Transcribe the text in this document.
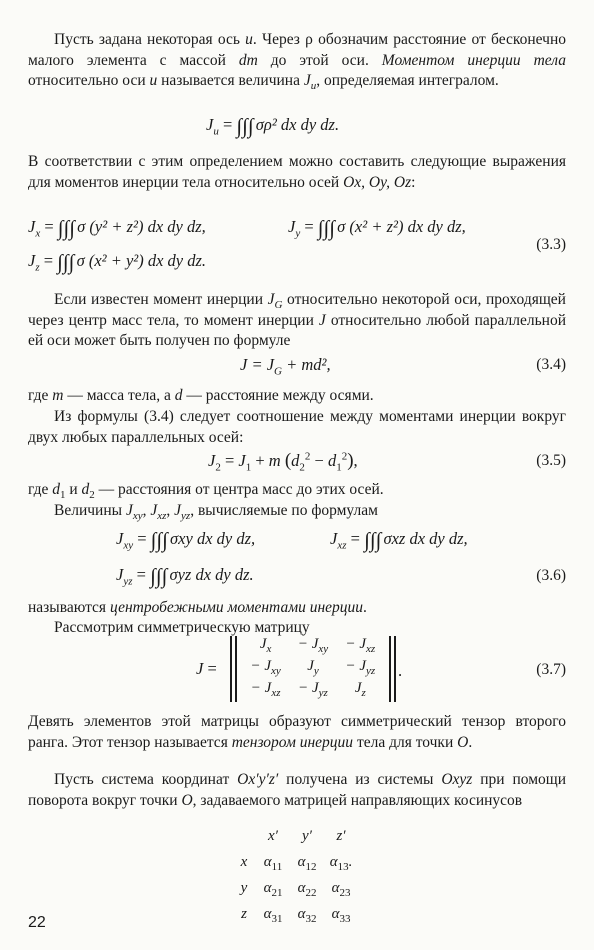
Пусть задана некоторая ось u. Через ρ обозначим расстояние от бесконечно малого элемента с массой dm до этой оси. Моментом инерции тела относительно оси u называется величина $J_u$, определяемая интегралом.

$J_u$ = ∫∫∫ σρ² dx dy dz.

В соответствии с этим определением можно составить следующие выражения для моментов инерции тела относительно осей Ox, Oy, Oz:

$J_x$ = ∫∫∫ σ (y² + z²) dx dy dz,	$J_y$ = ∫∫∫ σ (x² + z²) dx dy dz,
$J_z$ = ∫∫∫ σ (x² + y²) dx dy dz.
(3.3)

Если известен момент инерции $J_G$ относительно некоторой оси, проходящей через центр масс тела, то момент инерции J относительно любой параллельной ей оси может быть получен по формуле

$J = J_G + md^2$,	(3.4)

где m — масса тела, а d — расстояние между осями.

Из формулы (3.4) следует соотношение между моментами инерции вокруг двух любых параллельных осей:

$J_2 = J_1 + m$ $(d_2^2 - d_1^2)$,	(3.5)

где $d_1$ и $d_2$ — расстояния от центра масс до этих осей.

Величины $J_{xy}$, $J_{xz}$, $J_{yz}$, вычисляемые по формулам

$J_{xy}$ = ∫∫∫ σxy dx dy dz,	$J_{xz}$ = ∫∫∫ σxz dx dy dz,
$J_{yz}$ = ∫∫∫ σyz dx dy dz.	(3.6)

называются центробежными моментами инерции.

Рассмотрим симметрическую матрицу

J =
$J_x$	− $J_{xy}$	− $J_{xz}$
− $J_{xy}$	$J_y$	− $J_{yz}$
− $J_{xz}$	− $J_{yz}$	$J_z$
.	(3.7)

Девять элементов этой матрицы образуют симметрический тензор второго ранга. Этот тензор называется тензором инерции тела для точки O.

Пусть система координат Ox′y′z′ получена из системы Oxyz при помощи поворота вокруг точки O, задаваемого матрицей направляющих косинусов

	x′	y′	z′
x	$\alpha_{11}$	$\alpha_{12}$	$\alpha_{13}$.
y	$\alpha_{21}$	$\alpha_{22}$	$\alpha_{23}$
z	$\alpha_{31}$	$\alpha_{32}$	$\alpha_{33}$
22
